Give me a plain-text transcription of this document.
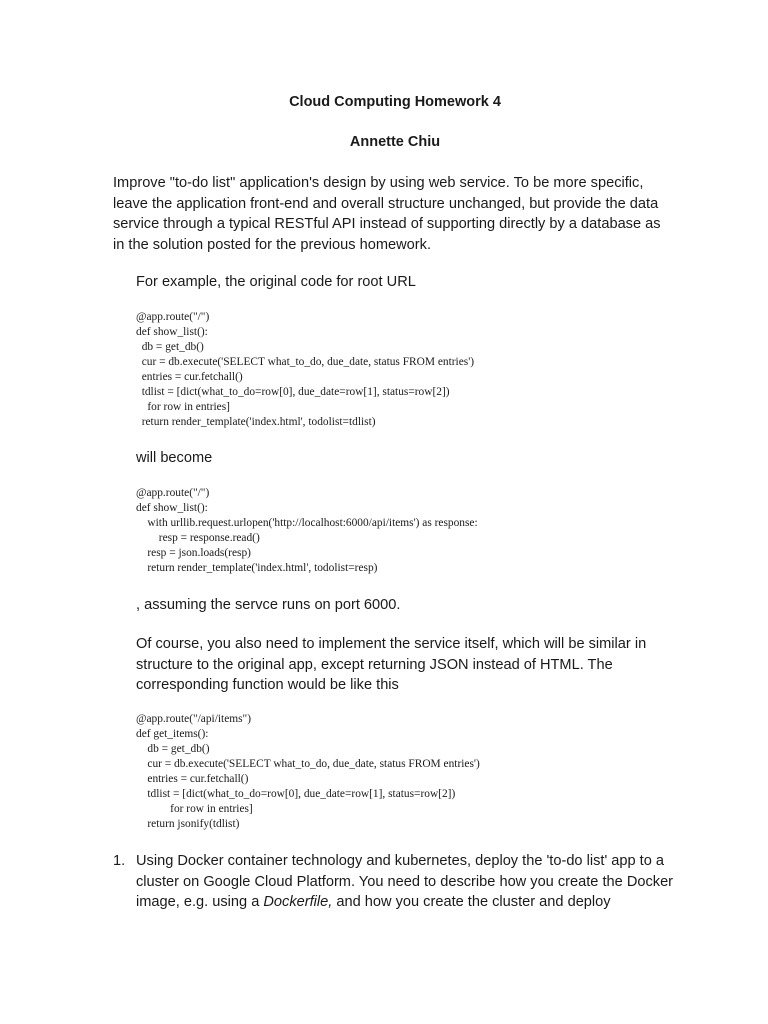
Cloud Computing Homework 4
Annette Chiu

Improve "to-do list" application's design by using web service. To be more specific, leave the application front-end and overall structure unchanged, but provide the data service through a typical RESTful API instead of supporting directly by a database as in the solution posted for the previous homework.

For example, the original code for root URL

@app.route("/")
def show_list():
db = get_db()
cur = db.execute('SELECT what_to_do, due_date, status FROM entries')
entries = cur.fetchall()
tdlist = [dict(what_to_do=row[0], due_date=row[1], status=row[2])
for row in entries]
return render_template('index.html', todolist=tdlist)

will become

@app.route("/")
def show_list():
with urllib.request.urlopen('http://localhost:6000/api/items') as response:
resp = response.read()
resp = json.loads(resp)
return render_template('index.html', todolist=resp)

, assuming the servce runs on port 6000.

Of course, you also need to implement the service itself, which will be similar in structure to the original app, except returning JSON instead of HTML. The corresponding function would be like this

@app.route("/api/items")
def get_items():
db = get_db()
cur = db.execute('SELECT what_to_do, due_date, status FROM entries')
entries = cur.fetchall()
tdlist = [dict(what_to_do=row[0], due_date=row[1], status=row[2])
for row in entries]
return jsonify(tdlist)
1. Using Docker container technology and kubernetes, deploy the 'to-do list' app to a cluster on Google Cloud Platform. You need to describe how you create the Docker image, e.g. using a Dockerfile, and how you create the cluster and deploy
